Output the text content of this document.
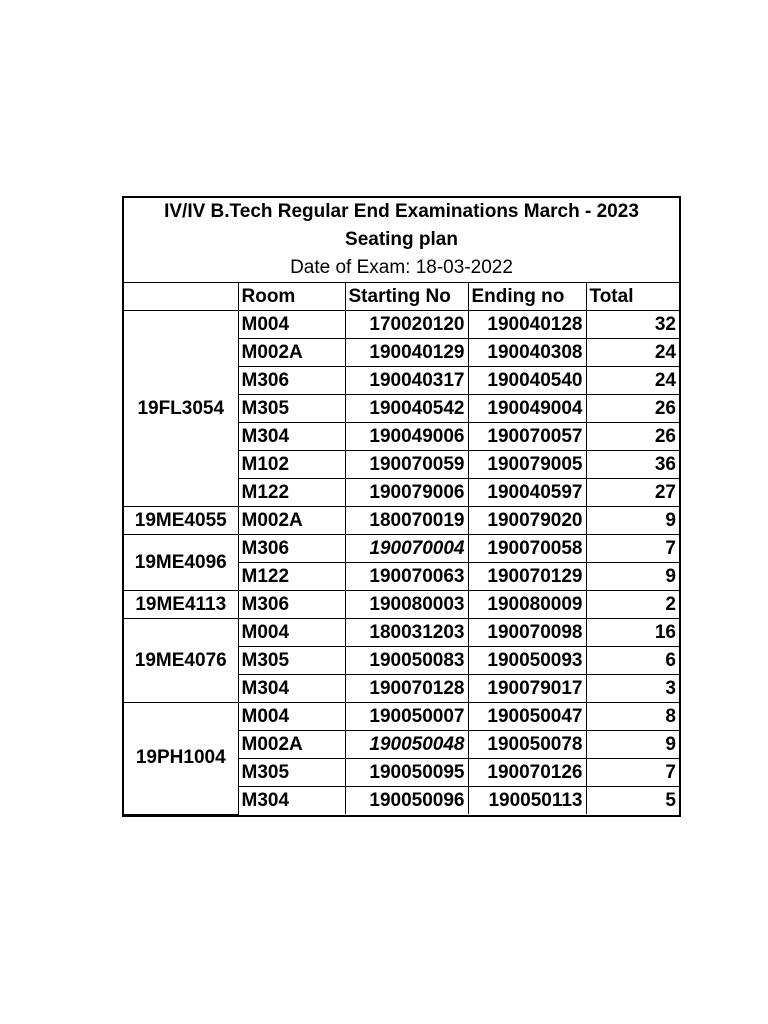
IV/IV B.Tech Regular End Examinations March - 2023
Seating plan
Date of Exam: 18-03-2022
	Room	Starting No	Ending no	Total
19FL3054	M004	170020120	190040128	32
	M002A	190040129	190040308	24
	M306	190040317	190040540	24
	M305	190040542	190049004	26
	M304	190049006	190070057	26
	M102	190070059	190079005	36
	M122	190079006	190040597	27
19ME4055	M002A	180070019	190079020	9
19ME4096	M306	190070004	190070058	7
	M122	190070063	190070129	9
19ME4113	M306	190080003	190080009	2
19ME4076	M004	180031203	190070098	16
	M305	190050083	190050093	6
	M304	190070128	190079017	3
19PH1004	M004	190050007	190050047	8
	M002A	190050048	190050078	9
	M305	190050095	190070126	7
	M304	190050096	190050113	5
